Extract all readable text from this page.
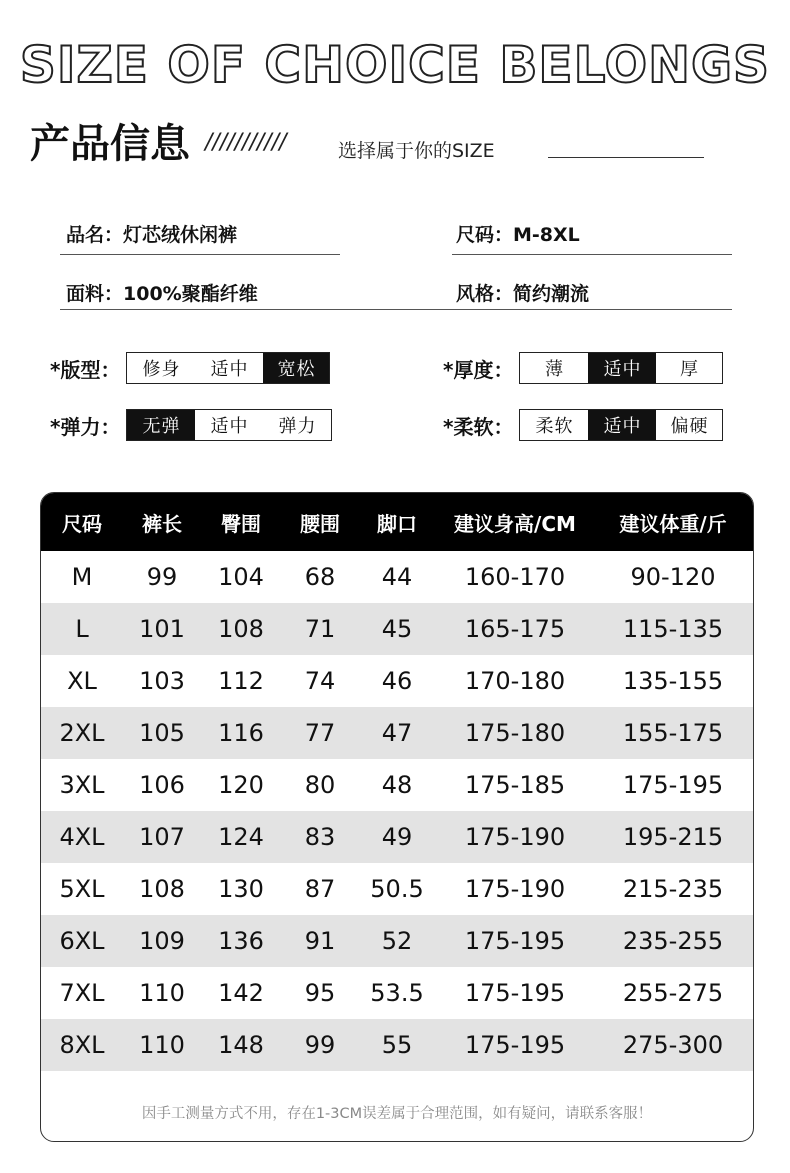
SIZE OF CHOICE BELONGS
产品信息 ///////////	选择属于你的SIZE
品名：灯芯绒休闲裤	尺码：M-8XL
面料：100%聚酯纤维	风格：简约潮流
*版型：	修身	适中	宽松	*厚度：	薄	适中	厚
*弹力：	无弹	适中	弹力	*柔软：	柔软	适中	偏硬
尺码	裤长	臀围	腰围	脚口	建议身高/CM	建议体重/斤
M	99	104	68	44	160-170	90-120
L	101	108	71	45	165-175	115-135
XL	103	112	74	46	170-180	135-155
2XL	105	116	77	47	175-180	155-175
3XL	106	120	80	48	175-185	175-195
4XL	107	124	83	49	175-190	195-215
5XL	108	130	87	50.5	175-190	215-235
6XL	109	136	91	52	175-195	235-255
7XL	110	142	95	53.5	175-195	255-275
8XL	110	148	99	55	175-195	275-300
因手工测量方式不用，存在1-3CM误差属于合理范围，如有疑问，请联系客服！
